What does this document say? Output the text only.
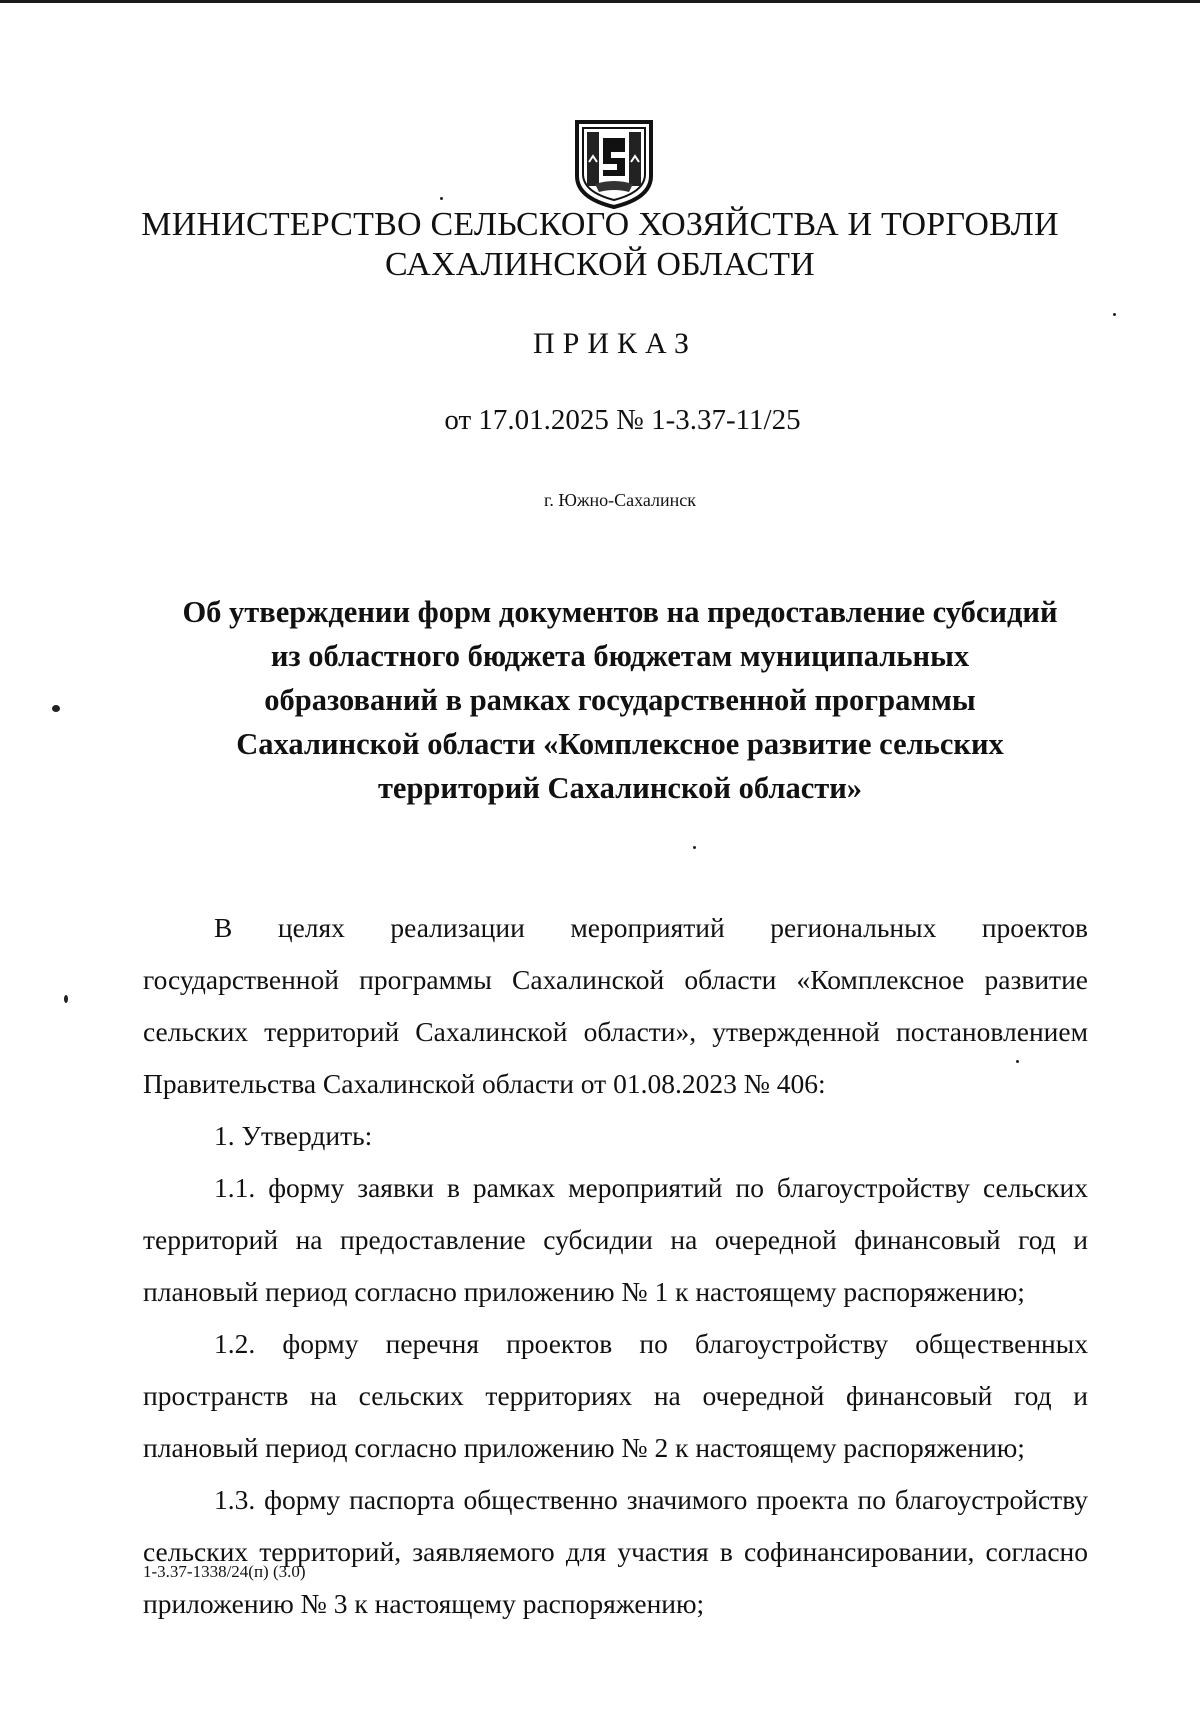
МИНИСТЕРСТВО СЕЛЬСКОГО ХОЗЯЙСТВА И ТОРГОВЛИ
САХАЛИНСКОЙ ОБЛАСТИ
ПРИКАЗ
от 17.01.2025 № 1-3.37-11/25
г. Южно-Сахалинск
Об утверждении форм документов на предоставление субсидий
из областного бюджета бюджетам муниципальных
образований в рамках государственной программы
Сахалинской области «Комплексное развитие сельских
территорий Сахалинской области»

В целях реализации мероприятий региональных проектов государственной программы Сахалинской области «Комплексное развитие сельских территорий Сахалинской области», утвержденной постановлением Правительства Сахалинской области от 01.08.2023 № 406:

1. Утвердить:

1.1. форму заявки в рамках мероприятий по благоустройству сельских территорий на предоставление субсидии на очередной финансовый год и плановый период согласно приложению № 1 к настоящему распоряжению;

1.2. форму перечня проектов по благоустройству общественных пространств на сельских территориях на очередной финансовый год и плановый период согласно приложению № 2 к настоящему распоряжению;

1.3. форму паспорта общественно значимого проекта по благоустройству сельских территорий, заявляемого для участия в софинансировании, согласно приложению № 3 к настоящему распоряжению;

1-3.37-1338/24(п) (3.0)
